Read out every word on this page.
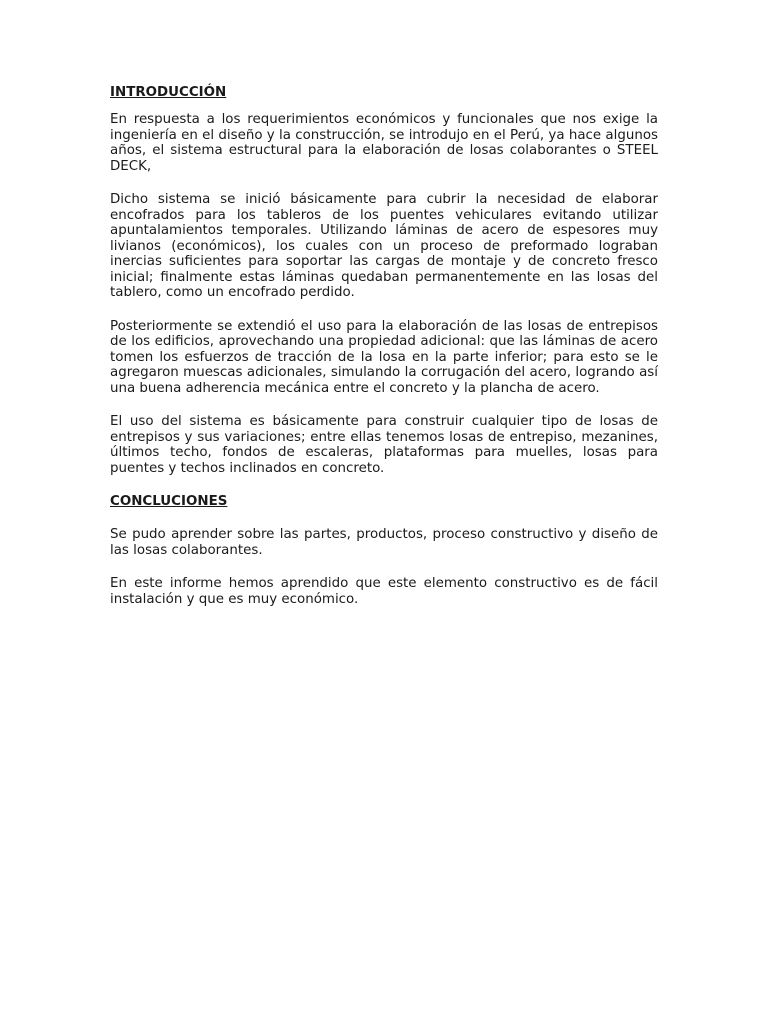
INTRODUCCIÓN

En respuesta a los requerimientos económicos y funcionales que nos exige la ingeniería en el diseño y la construcción, se introdujo en el Perú, ya hace algunos años, el sistema estructural para la elaboración de losas colaborantes o STEEL DECK,

Dicho sistema se inició básicamente para cubrir la necesidad de elaborar encofrados para los tableros de los puentes vehiculares evitando utilizar apuntalamientos temporales. Utilizando láminas de acero de espesores muy livianos (económicos), los cuales con un proceso de preformado lograban inercias suficientes para soportar las cargas de montaje y de concreto fresco inicial; finalmente estas láminas quedaban permanentemente en las losas del tablero, como un encofrado perdido.

Posteriormente se extendió el uso para la elaboración de las losas de entrepisos de los edificios, aprovechando una propiedad adicional: que las láminas de acero tomen los esfuerzos de tracción de la losa en la parte inferior; para esto se le agregaron muescas adicionales, simulando la corrugación del acero, logrando así una buena adherencia mecánica entre el concreto y la plancha de acero.

El uso del sistema es básicamente para construir cualquier tipo de losas de entrepisos y sus variaciones; entre ellas tenemos losas de entrepiso, mezanines, últimos techo, fondos de escaleras, plataformas para muelles, losas para puentes y techos inclinados en concreto.

CONCLUCIONES

Se pudo aprender sobre las partes, productos, proceso constructivo y diseño de las losas colaborantes.

En este informe hemos aprendido que este elemento constructivo es de fácil instalación y que es muy económico.
